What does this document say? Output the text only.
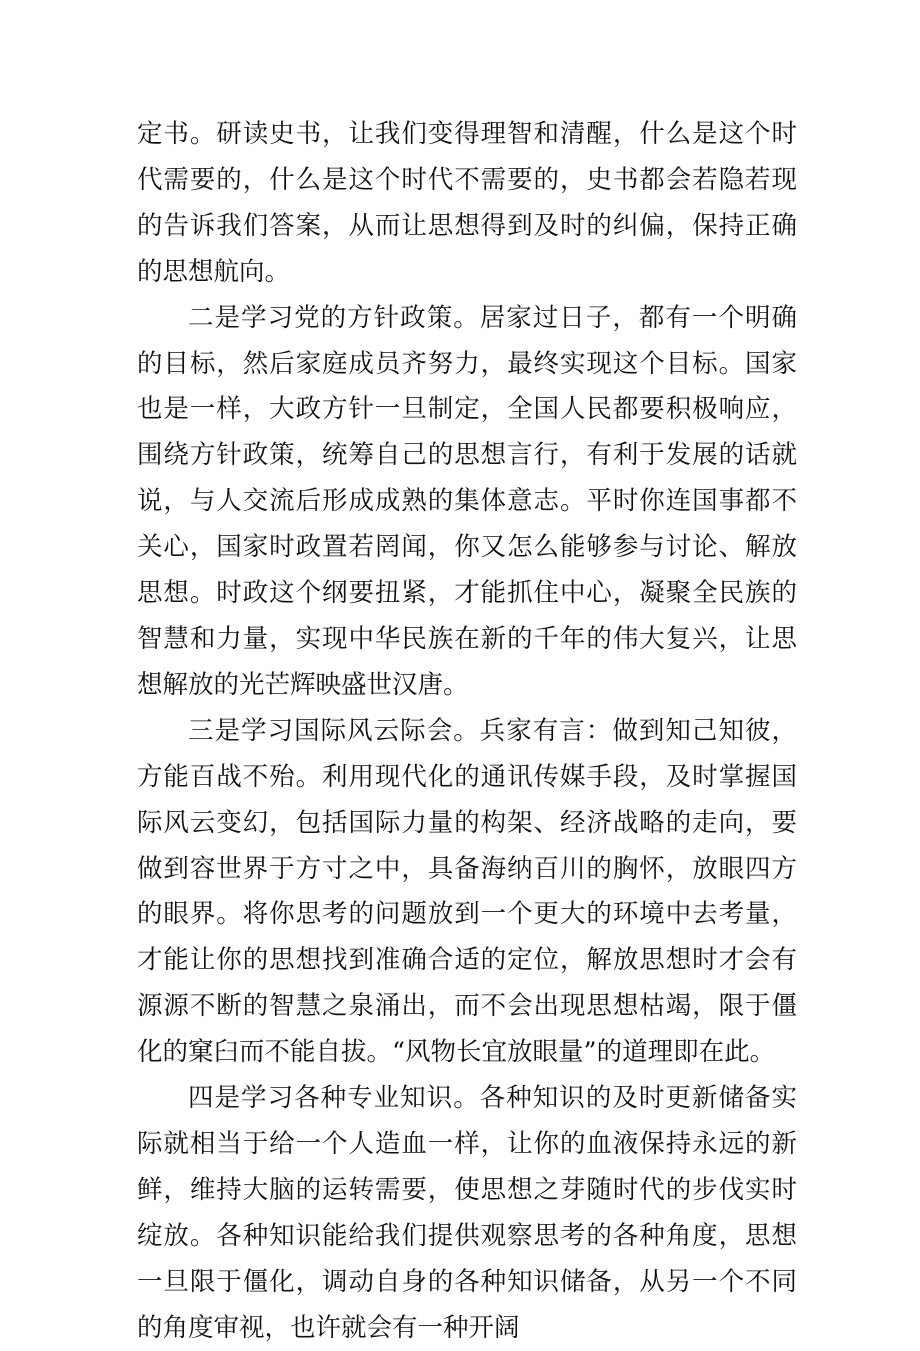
定书。研读史书，让我们变得理智和清醒，什么是这个时代需要的，什么是这个时代不需要的，史书都会若隐若现的告诉我们答案，从而让思想得到及时的纠偏，保持正确的思想航向。

二是学习党的方针政策。居家过日子，都有一个明确的目标，然后家庭成员齐努力，最终实现这个目标。国家也是一样，大政方针一旦制定，全国人民都要积极响应，围绕方针政策，统筹自己的思想言行，有利于发展的话就说，与人交流后形成成熟的集体意志。平时你连国事都不关心，国家时政置若罔闻，你又怎么能够参与讨论、解放思想。时政这个纲要扭紧，才能抓住中心，凝聚全民族的智慧和力量，实现中华民族在新的千年的伟大复兴，让思想解放的光芒辉映盛世汉唐。

三是学习国际风云际会。兵家有言：做到知己知彼，方能百战不殆。利用现代化的通讯传媒手段，及时掌握国际风云变幻，包括国际力量的构架、经济战略的走向，要做到容世界于方寸之中，具备海纳百川的胸怀，放眼四方的眼界。将你思考的问题放到一个更大的环境中去考量，才能让你的思想找到准确合适的定位，解放思想时才会有源源不断的智慧之泉涌出，而不会出现思想枯竭，限于僵化的窠臼而不能自拔。“风物长宜放眼量”的道理即在此。

四是学习各种专业知识。各种知识的及时更新储备实际就相当于给一个人造血一样，让你的血液保持永远的新鲜，维持大脑的运转需要，使思想之芽随时代的步伐实时绽放。各种知识能给我们提供观察思考的各种角度，思想一旦限于僵化，调动自身的各种知识储备，从另一个不同的角度审视，也许就会有一种开阔
